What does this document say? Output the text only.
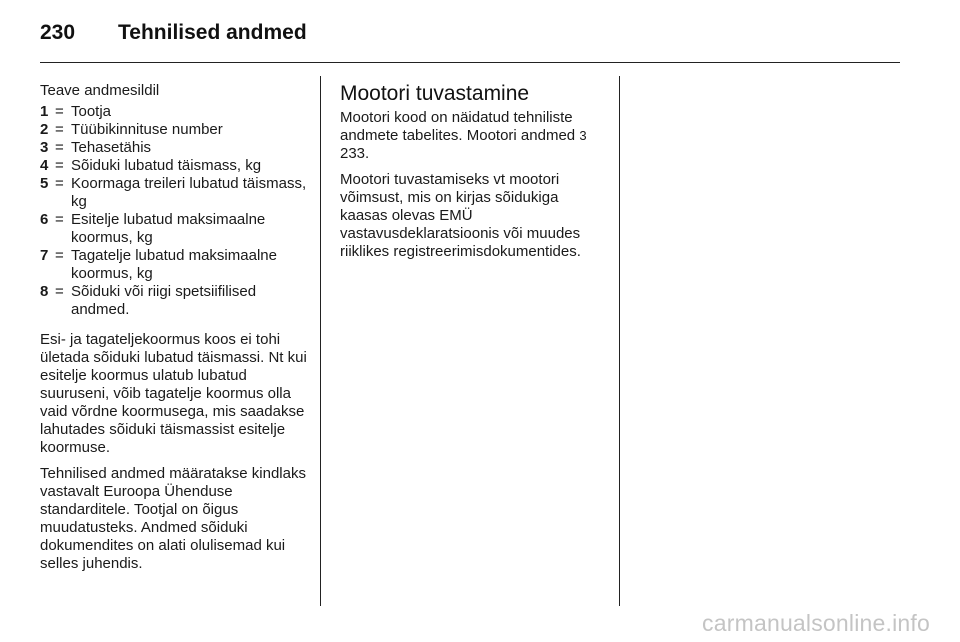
230	Tehnilised andmed
Teave andmesildil
1 = Tootja
2 = Tüübikinnituse number
3 = Tehasetähis
4 = Sõiduki lubatud täismass, kg
5 = Koormaga treileri lubatud täismass, kg
6 = Esitelje lubatud maksimaalne koormus, kg
7 = Tagatelje lubatud maksimaalne koormus, kg
8 = Sõiduki või riigi spetsiifilised andmed.

Esi- ja tagateljekoormus koos ei tohi ületada sõiduki lubatud täismassi. Nt kui esitelje koormus ulatub lubatud suuruseni, võib tagatelje koormus olla vaid võrdne koormusega, mis saadakse lahutades sõiduki täismassist esitelje koormuse.

Tehnilised andmed määratakse kindlaks vastavalt Euroopa Ühenduse standarditele. Tootjal on õigus muudatusteks. Andmed sõiduki dokumendites on alati olulisemad kui selles juhendis.

Mootori tuvastamine

Mootori kood on näidatud tehniliste andmete tabelites. Mootori andmed 3 233.

Mootori tuvastamiseks vt mootori võimsust, mis on kirjas sõidukiga kaasas olevas EMÜ vastavusdeklaratsioonis või muudes riiklikes registreerimisdokumentides.

carmanualsonline.info
